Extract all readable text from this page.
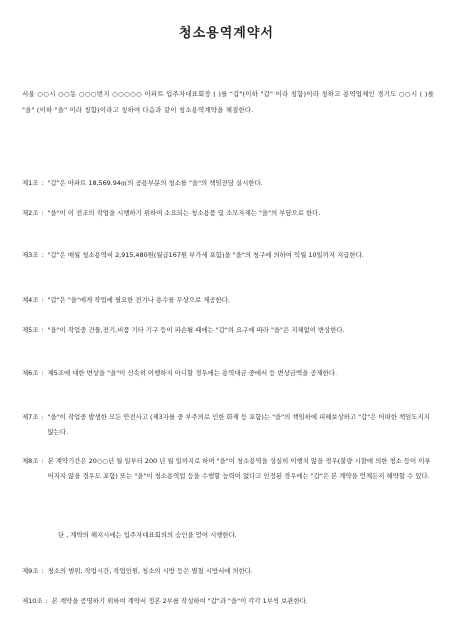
청소용역계약서
서울 ○○시 ○○동 ○○○번지 ○○○○○ 아파트 입주자대표회장 ( )를 "갑"(이하 "갑" 이라 칭함)이라 칭하고 용역업체인 경기도 ○○시 ( )를 "을" (이하 "을" 이라 칭함)이라고 칭하여 다음과 같이 청소용역계약을 체결한다.
제1조 : "갑"은 아파트 18,569.94㎡의 공용부분의 청소를 "을"의 책임전담 실시한다.
제2조 : "을"이 이 전조의 작업을 시행하기 위하여 소요되는 청소용품 및 소모자재는 "을"의 부담으로 한다.
제3조 : "갑"은 매월 청소용역비 2,915,480원(월급167원 부가세 포함)을 "을"의 청구에 의하여 익월 10일까지 지급한다.
제4조 : "갑"은 "을"에게 작업에 필요한 전기나 용수를 무상으로 제공한다.
제5조 : "을"이 작업중 건물,전기,비품 기타 기구 등이 파손될 때에는 "갑"의 요구에 따라 "을"은 지체없이 변상한다.
제6조 : 제5조에 대한 변상을 "을"이 신속히 이행하지 아니할 경우에는 용역대금 중에서 등 변상금액을 공제한다.
제7조 : "을"이 작업중 발생한 모든 안전사고 (제3자를 중 부주의로 인한 화재 등 포함)는 "을"의 책임하에 피해보상하고 "갑"은 어떠한 책임도지지 않는다.
제8조 : 본 계약기간은 20○○년 월 일부터 200 년 월 일까지로 하며 "을"이 청소용역을 성실히 이행치 않을 경우(불량 시찰에 의한 청소 등이 이루어지지 않을 경우도 포함) 또는 "을"이 청소용역업 등을 수행할 능력이 없다고 인정된 경우에는 "갑"은 본 계약을 언제든지 해약할 수 있다.
단 , 계약의 해지시에는 입주자대표회의의 승인을 얻어 시행한다.
제9조 : 청소의 범위, 작업시간, 작업인원, 청소의 시방 등은 별첨 시방서에 의한다.
제10조 : 본 계약을 증명하기 위하여 계약서 정본 2부를 작성하여 "갑"과 "을"이 각각 1부씩 보관한다.
